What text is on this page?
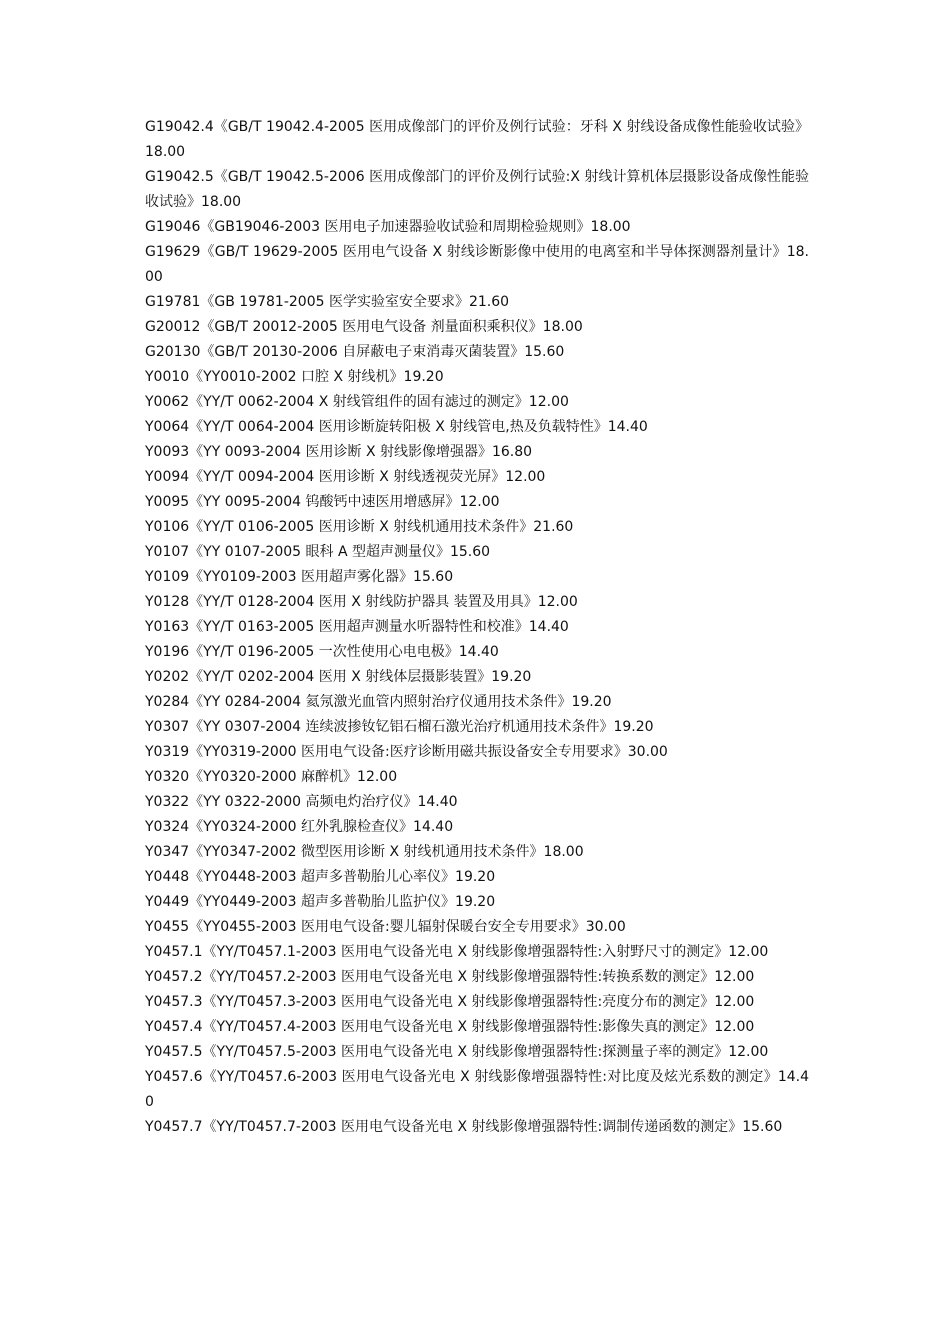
G19042.4《GB/T 19042.4-2005 医用成像部门的评价及例行试验：牙科 X 射线设备成像性能验收试验》18.00

G19042.5《GB/T 19042.5-2006 医用成像部门的评价及例行试验:X 射线计算机体层摄影设备成像性能验收试验》18.00

G19046《GB19046-2003 医用电子加速器验收试验和周期检验规则》18.00

G19629《GB/T 19629-2005 医用电气设备 X 射线诊断影像中使用的电离室和半导体探测器剂量计》18.00

G19781《GB 19781-2005 医学实验室安全要求》21.60

G20012《GB/T 20012-2005 医用电气设备 剂量面积乘积仪》18.00

G20130《GB/T 20130-2006 自屏蔽电子束消毒灭菌装置》15.60

Y0010《YY0010-2002 口腔 X 射线机》19.20

Y0062《YY/T 0062-2004 X 射线管组件的固有滤过的测定》12.00

Y0064《YY/T 0064-2004 医用诊断旋转阳极 X 射线管电,热及负载特性》14.40

Y0093《YY 0093-2004 医用诊断 X 射线影像增强器》16.80

Y0094《YY/T 0094-2004 医用诊断 X 射线透视荧光屏》12.00

Y0095《YY 0095-2004 钨酸钙中速医用增感屏》12.00

Y0106《YY/T 0106-2005 医用诊断 X 射线机通用技术条件》21.60

Y0107《YY 0107-2005 眼科 A 型超声测量仪》15.60

Y0109《YY0109-2003 医用超声雾化器》15.60

Y0128《YY/T 0128-2004 医用 X 射线防护器具 装置及用具》12.00

Y0163《YY/T 0163-2005 医用超声测量水听器特性和校准》14.40

Y0196《YY/T 0196-2005 一次性使用心电电极》14.40

Y0202《YY/T 0202-2004 医用 X 射线体层摄影装置》19.20

Y0284《YY 0284-2004 氦氖激光血管内照射治疗仪通用技术条件》19.20

Y0307《YY 0307-2004 连续波掺钕钇铝石榴石激光治疗机通用技术条件》19.20

Y0319《YY0319-2000 医用电气设备:医疗诊断用磁共振设备安全专用要求》30.00

Y0320《YY0320-2000 麻醉机》12.00

Y0322《YY 0322-2000 高频电灼治疗仪》14.40

Y0324《YY0324-2000 红外乳腺检查仪》14.40

Y0347《YY0347-2002 微型医用诊断 X 射线机通用技术条件》18.00

Y0448《YY0448-2003 超声多普勒胎儿心率仪》19.20

Y0449《YY0449-2003 超声多普勒胎儿监护仪》19.20

Y0455《YY0455-2003 医用电气设备:婴儿辐射保暖台安全专用要求》30.00

Y0457.1《YY/T0457.1-2003 医用电气设备光电 X 射线影像增强器特性:入射野尺寸的测定》12.00

Y0457.2《YY/T0457.2-2003 医用电气设备光电 X 射线影像增强器特性:转换系数的测定》12.00

Y0457.3《YY/T0457.3-2003 医用电气设备光电 X 射线影像增强器特性:亮度分布的测定》12.00

Y0457.4《YY/T0457.4-2003 医用电气设备光电 X 射线影像增强器特性:影像失真的测定》12.00

Y0457.5《YY/T0457.5-2003 医用电气设备光电 X 射线影像增强器特性:探测量子率的测定》12.00

Y0457.6《YY/T0457.6-2003 医用电气设备光电 X 射线影像增强器特性:对比度及炫光系数的测定》14.40

Y0457.7《YY/T0457.7-2003 医用电气设备光电 X 射线影像增强器特性:调制传递函数的测定》15.60
